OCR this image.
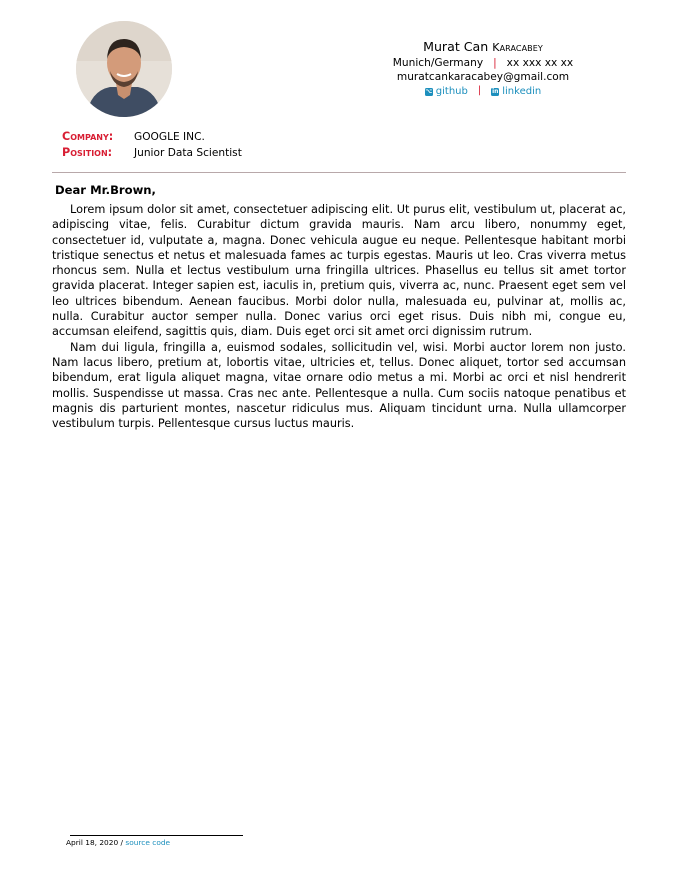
Murat Can Karacabey
Munich/Germany | xx xxx xx xx
muratcankaracabey@gmail.com
⌥ github | in linkedin
Company: GOOGLE INC.
Position: Junior Data Scientist
Dear Mr.Brown,

Lorem ipsum dolor sit amet, consectetuer adipiscing elit. Ut purus elit, vestibulum ut, placerat ac, adipiscing vitae, felis. Curabitur dictum gravida mauris. Nam arcu libero, nonummy eget, consectetuer id, vulputate a, magna. Donec vehicula augue eu neque. Pellentesque habitant morbi tristique senectus et netus et malesuada fames ac turpis egestas. Mauris ut leo. Cras viverra metus rhoncus sem. Nulla et lectus vestibulum urna fringilla ultrices. Phasellus eu tellus sit amet tortor gravida placerat. Integer sapien est, iaculis in, pretium quis, viverra ac, nunc. Praesent eget sem vel leo ultrices bibendum. Aenean faucibus. Morbi dolor nulla, malesuada eu, pulvinar at, mollis ac, nulla. Curabitur auctor semper nulla. Donec varius orci eget risus. Duis nibh mi, congue eu, accumsan eleifend, sagittis quis, diam. Duis eget orci sit amet orci dignissim rutrum.

Nam dui ligula, fringilla a, euismod sodales, sollicitudin vel, wisi. Morbi auctor lorem non justo. Nam lacus libero, pretium at, lobortis vitae, ultricies et, tellus. Donec aliquet, tortor sed accumsan bibendum, erat ligula aliquet magna, vitae ornare odio metus a mi. Morbi ac orci et nisl hendrerit mollis. Suspendisse ut massa. Cras nec ante. Pellentesque a nulla. Cum sociis natoque penatibus et magnis dis parturient montes, nascetur ridiculus mus. Aliquam tincidunt urna. Nulla ullamcorper vestibulum turpis. Pellentesque cursus luctus mauris.

April 18, 2020 / source code
